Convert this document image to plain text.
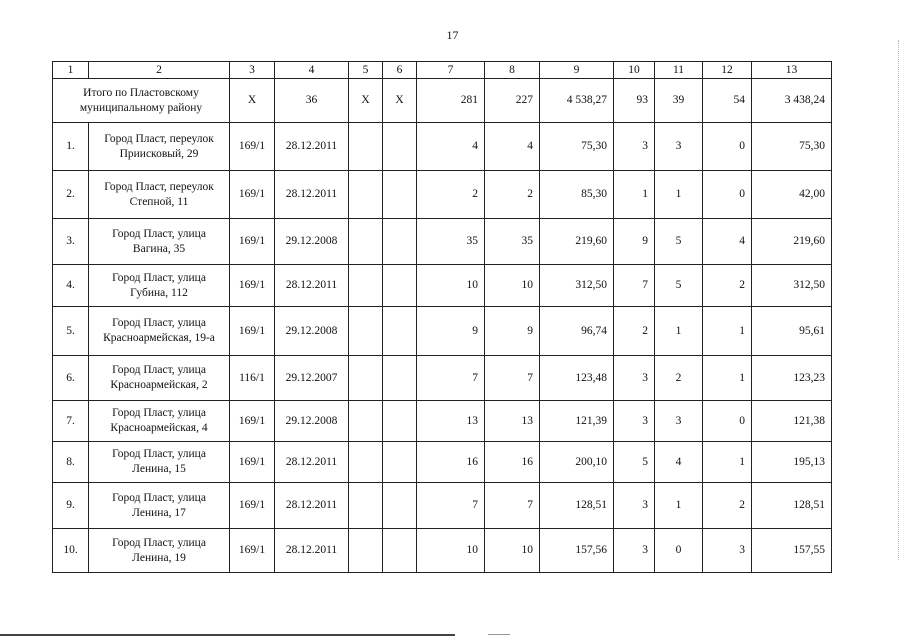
17
1	2	3	4	5	6	7	8	9	10	11	12	13
Итого по Пластовскому муниципальному району		X	36	X	X	281	227	4 538,27	93	39	54	3 438,24
1.	Город Пласт, переулок Приисковый, 29	169/1	28.12.2011			4	4	75,30	3	3	0	75,30
2.	Город Пласт, переулок Степной, 11	169/1	28.12.2011			2	2	85,30	1	1	0	42,00
3.	Город Пласт, улица Вагина, 35	169/1	29.12.2008			35	35	219,60	9	5	4	219,60
4.	Город Пласт, улица Губина, 112	169/1	28.12.2011			10	10	312,50	7	5	2	312,50
5.	Город Пласт, улица Красноармейская, 19-а	169/1	29.12.2008			9	9	96,74	2	1	1	95,61
6.	Город Пласт, улица Красноармейская, 2	116/1	29.12.2007			7	7	123,48	3	2	1	123,23
7.	Город Пласт, улица Красноармейская, 4	169/1	29.12.2008			13	13	121,39	3	3	0	121,38
8.	Город Пласт, улица Ленина, 15	169/1	28.12.2011			16	16	200,10	5	4	1	195,13
9.	Город Пласт, улица Ленина, 17	169/1	28.12.2011			7	7	128,51	3	1	2	128,51
10.	Город Пласт, улица Ленина, 19	169/1	28.12.2011			10	10	157,56	3	0	3	157,55
